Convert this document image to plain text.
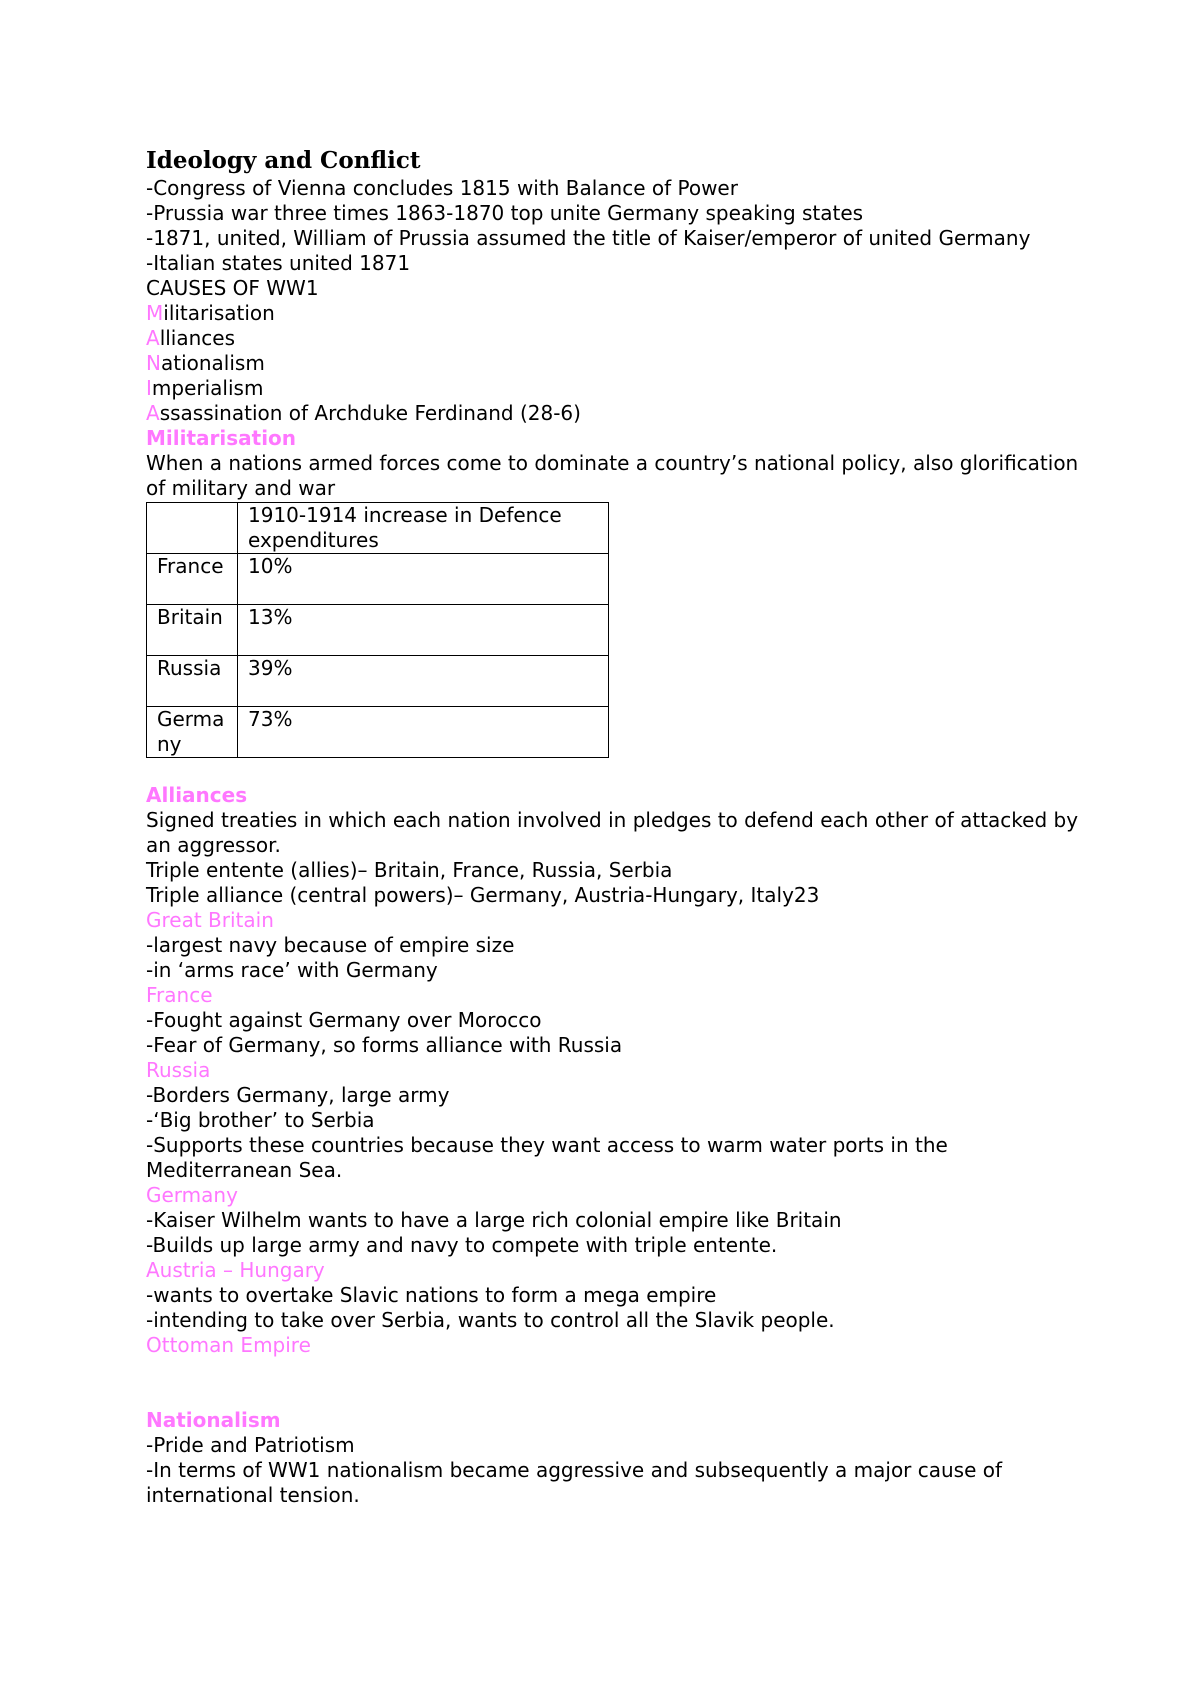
Ideology and Conflict
-Congress of Vienna concludes 1815 with Balance of Power
-Prussia war three times 1863-1870 top unite Germany speaking states
-1871, united, William of Prussia assumed the title of Kaiser/emperor of united Germany
-Italian states united 1871
CAUSES OF WW1
Militarisation
Alliances
Nationalism
Imperialism
Assassination of Archduke Ferdinand (28-6)
Militarisation
When a nations armed forces come to dominate a country’s national policy, also glorification of military and war
	1910-1914 increase in Defence expenditures
France	10%
Britain	13%
Russia	39%
Germany	73%
Alliances
Signed treaties in which each nation involved in pledges to defend each other of attacked by an aggressor.
Triple entente (allies)– Britain, France, Russia, Serbia
Triple alliance (central powers)– Germany, Austria-Hungary, Italy23
Great Britain
-largest navy because of empire size
-in ‘arms race’ with Germany
France
-Fought against Germany over Morocco
-Fear of Germany, so forms alliance with Russia
Russia
-Borders Germany, large army
-‘Big brother’ to Serbia
-Supports these countries because they want access to warm water ports in the Mediterranean Sea.
Germany
-Kaiser Wilhelm wants to have a large rich colonial empire like Britain
-Builds up large army and navy to compete with triple entente.
Austria – Hungary
-wants to overtake Slavic nations to form a mega empire
-intending to take over Serbia, wants to control all the Slavik people.
Ottoman Empire
Nationalism
-Pride and Patriotism
-In terms of WW1 nationalism became aggressive and subsequently a major cause of international tension.
